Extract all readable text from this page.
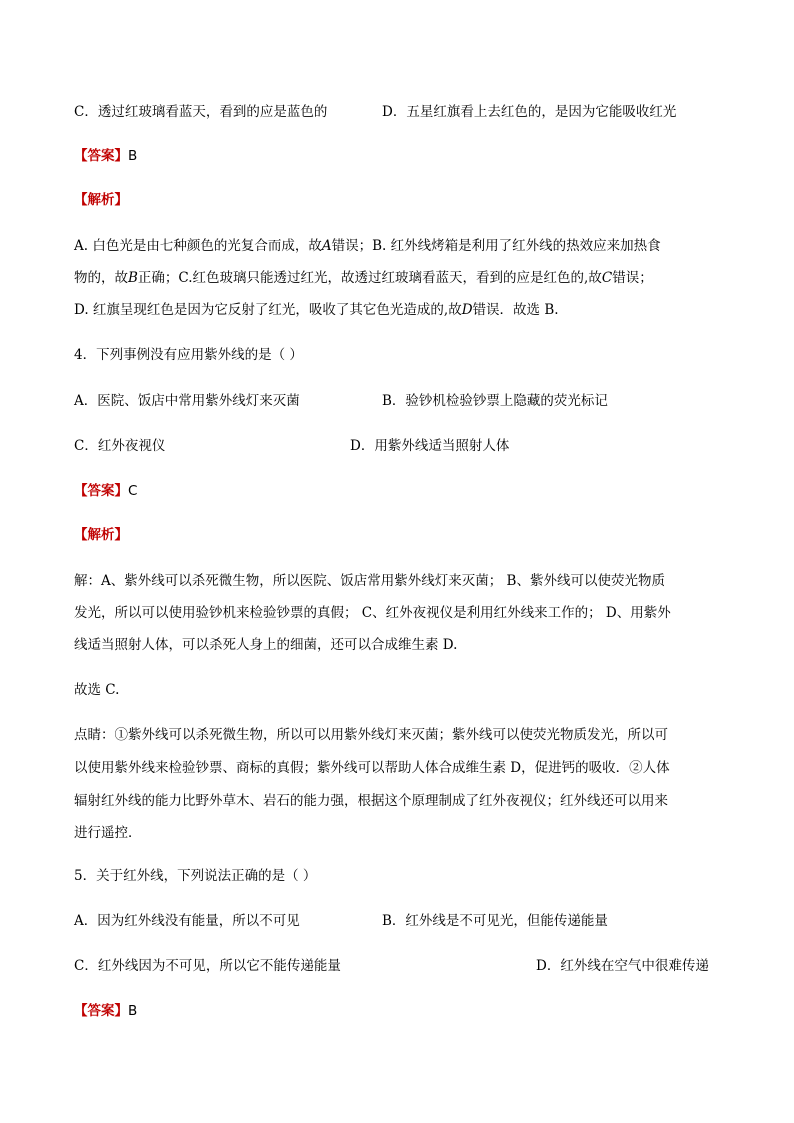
C．透过红玻璃看蓝天，看到的应是蓝色的	D．五星红旗看上去红色的，是因为它能吸收红光
【答案】B
【解析】
A. 白色光是由七种颜色的光复合而成，故A错误；B. 红外线烤箱是利用了红外线的热效应来加热食
物的，故B正确；C.红色玻璃只能透过红光，故透过红玻璃看蓝天，看到的应是红色的,故C错误；
D. 红旗呈现红色是因为它反射了红光，吸收了其它色光造成的,故D错误．故选 B.
4．下列事例没有应用紫外线的是（ ）
A．医院、饭店中常用紫外线灯来灭菌	B．验钞机检验钞票上隐藏的荧光标记
C．红外夜视仪	D．用紫外线适当照射人体
【答案】C
【解析】
解：A、紫外线可以杀死微生物，所以医院、饭店常用紫外线灯来灭菌； B、紫外线可以使荧光物质
发光，所以可以使用验钞机来检验钞票的真假； C、红外夜视仪是利用红外线来工作的； D、用紫外
线适当照射人体，可以杀死人身上的细菌，还可以合成维生素 D.
故选 C.
点睛：①紫外线可以杀死微生物，所以可以用紫外线灯来灭菌；紫外线可以使荧光物质发光，所以可
以使用紫外线来检验钞票、商标的真假；紫外线可以帮助人体合成维生素 D，促进钙的吸收．②人体
辐射红外线的能力比野外草木、岩石的能力强，根据这个原理制成了红外夜视仪；红外线还可以用来
进行遥控．
5．关于红外线，下列说法正确的是（ ）
A．因为红外线没有能量，所以不可见	B．红外线是不可见光，但能传递能量
C．红外线因为不可见，所以它不能传递能量	D．红外线在空气中很难传递
【答案】B
